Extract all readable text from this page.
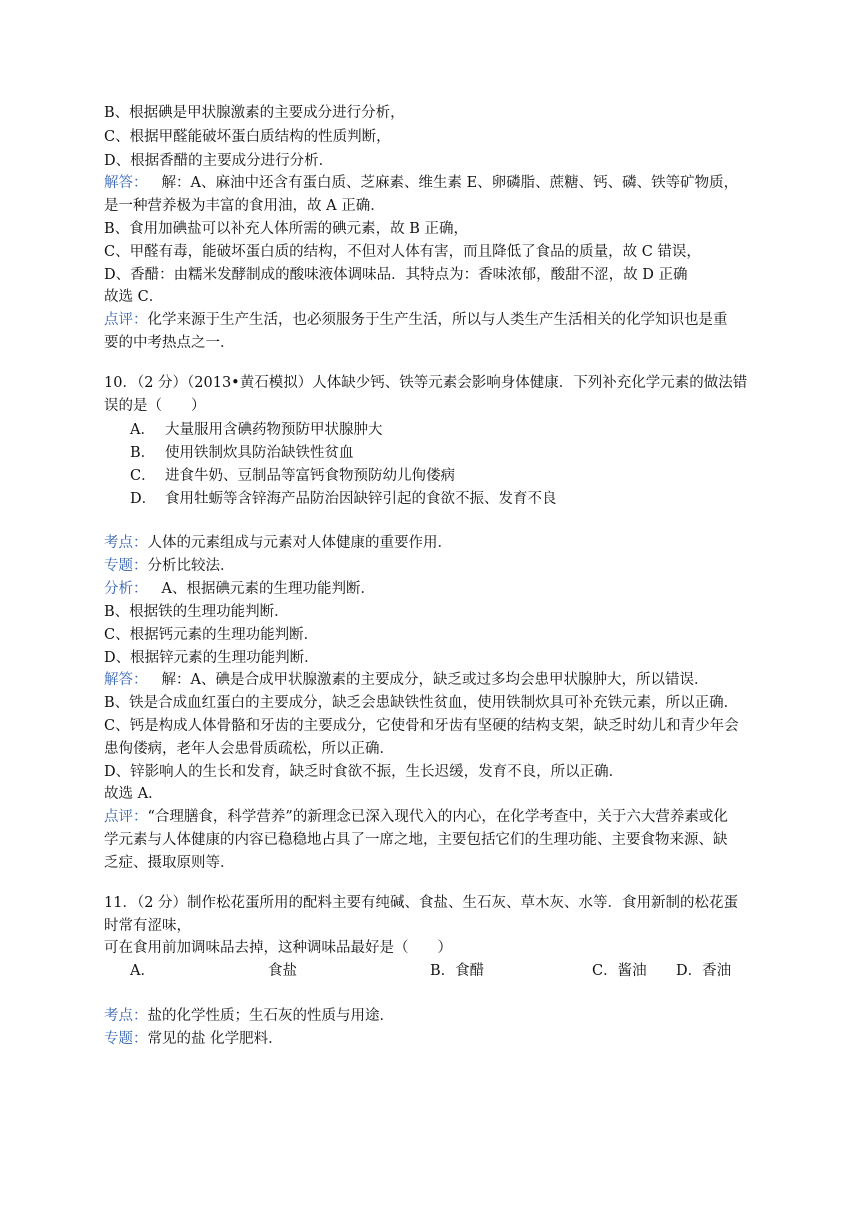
B、根据碘是甲状腺激素的主要成分进行分析，
C、根据甲醛能破坏蛋白质结构的性质判断，
D、根据香醋的主要成分进行分析．
解答： 解：A、麻油中还含有蛋白质、芝麻素、维生素 E、卵磷脂、蔗糖、钙、磷、铁等矿物质，
是一种营养极为丰富的食用油，故 A 正确．
B、食用加碘盐可以补充人体所需的碘元素，故 B 正确，
C、甲醛有毒，能破坏蛋白质的结构，不但对人体有害，而且降低了食品的质量，故 C 错误，
D、香醋：由糯米发酵制成的酸味液体调味品．其特点为：香味浓郁，酸甜不涩，故 D 正确
故选 C．
点评：化学来源于生产生活，也必须服务于生产生活，所以与人类生产生活相关的化学知识也是重
要的中考热点之一．
10．（2 分）（2013•黄石模拟）人体缺少钙、铁等元素会影响身体健康．下列补充化学元素的做法错
误的是（　　）
A． 大量服用含碘药物预防甲状腺肿大
B． 使用铁制炊具防治缺铁性贫血
C． 进食牛奶、豆制品等富钙食物预防幼儿佝偻病
D． 食用牡蛎等含锌海产品防治因缺锌引起的食欲不振、发育不良
考点：人体的元素组成与元素对人体健康的重要作用．
专题：分析比较法．
分析： A、根据碘元素的生理功能判断．
B、根据铁的生理功能判断．
C、根据钙元素的生理功能判断．
D、根据锌元素的生理功能判断．
解答： 解：A、碘是合成甲状腺激素的主要成分，缺乏或过多均会患甲状腺肿大，所以错误．
B、铁是合成血红蛋白的主要成分，缺乏会患缺铁性贫血，使用铁制炊具可补充铁元素，所以正确．
C、钙是构成人体骨骼和牙齿的主要成分，它使骨和牙齿有坚硬的结构支架，缺乏时幼儿和青少年会
患佝偻病，老年人会患骨质疏松，所以正确．
D、锌影响人的生长和发育，缺乏时食欲不振，生长迟缓，发育不良，所以正确．
故选 A．
点评：“合理膳食，科学营养”的新理念已深入现代入的内心，在化学考查中，关于六大营养素或化
学元素与人体健康的内容已稳稳地占具了一席之地，主要包括它们的生理功能、主要食物来源、缺
乏症、摄取原则等．
11．（2 分）制作松花蛋所用的配料主要有纯碱、食盐、生石灰、草木灰、水等．食用新制的松花蛋
时常有涩味，
可在食用前加调味品去掉，这种调味品最好是（　　）
A．	食盐	B．食醋	C．酱油 D．香油
考点：盐的化学性质；生石灰的性质与用途．
专题：常见的盐 化学肥料．
